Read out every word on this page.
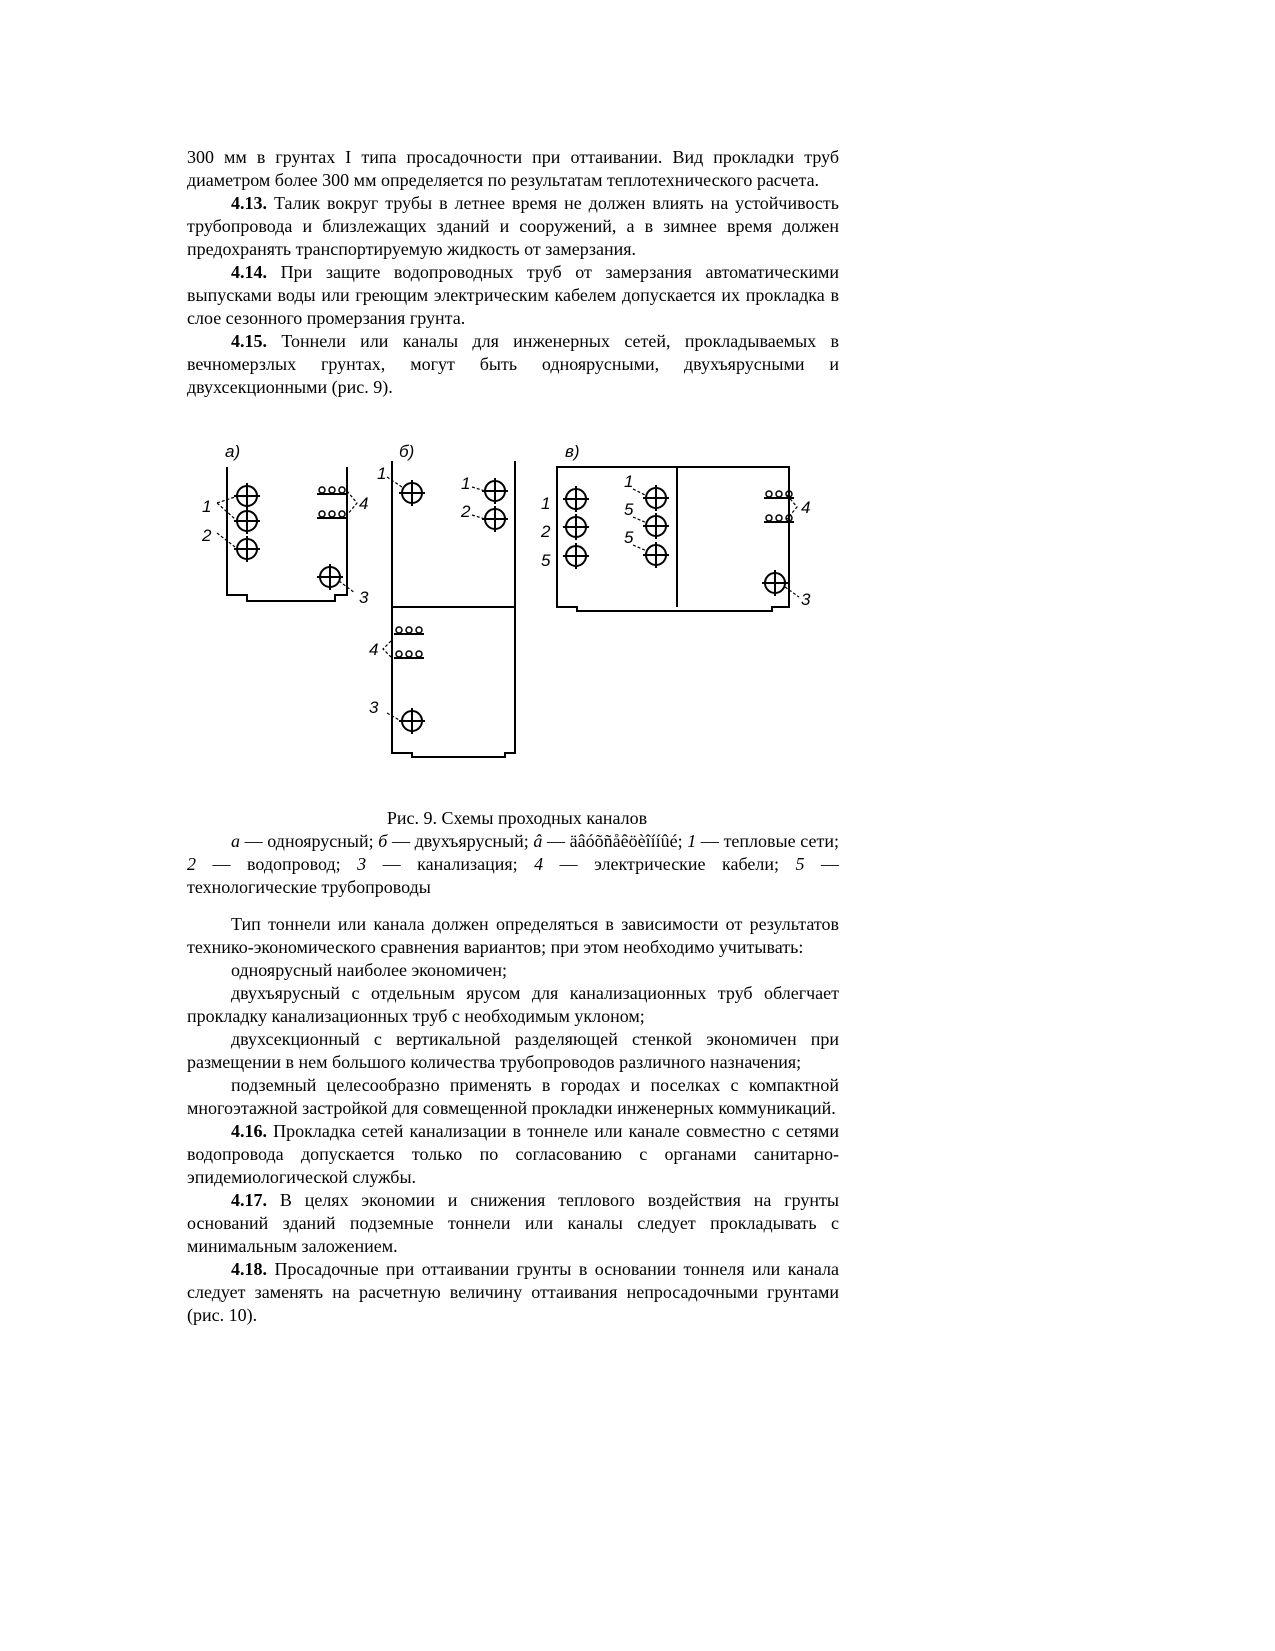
300 мм в грунтах I типа просадочности при оттаивании. Вид прокладки труб диаметром более 300 мм определяется по результатам теплотехнического расчета.

4.13. Талик вокруг трубы в летнее время не должен влиять на устойчивость трубопровода и близлежащих зданий и сооружений, а в зимнее время должен предохранять транспортируемую жидкость от замерзания.

4.14. При защите водопроводных труб от замерзания автоматическими выпусками воды или греющим электрическим кабелем допускается их прокладка в слое сезонного промерзания грунта.

4.15. Тоннели или каналы для инженерных сетей, прокладываемых в вечномерзлых грунтах, могут быть одноярусными, двухъярусными и двухсекционными (рис. 9).

а)
1
2
4
3
б)
1
1
2
4
3
в)
1
2
5
1
5
5
4
3

Рис. 9. Схемы проходных каналов

а — одноярусный; б — двухъярусный; â — äâóõñåêöèîííûé; 1 — тепловые сети; 2 — водопровод; 3 — канализация; 4 — электрические кабели; 5 — технологические трубопроводы

Тип тоннели или канала должен определяться в зависимости от результатов технико-экономического сравнения вариантов; при этом необходимо учитывать:

одноярусный наиболее экономичен;

двухъярусный с отдельным ярусом для канализационных труб облегчает прокладку канализационных труб с необходимым уклоном;

двухсекционный с вертикальной разделяющей стенкой экономичен при размещении в нем большого количества трубопроводов различного назначения;

подземный целесообразно применять в городах и поселках с компактной многоэтажной застройкой для совмещенной прокладки инженерных коммуникаций.

4.16. Прокладка сетей канализации в тоннеле или канале совместно с сетями водопровода допускается только по согласованию с органами санитарно-эпидемиологической службы.

4.17. В целях экономии и снижения теплового воздействия на грунты оснований зданий подземные тоннели или каналы следует прокладывать с минимальным заложением.

4.18. Просадочные при оттаивании грунты в основании тоннеля или канала следует заменять на расчетную величину оттаивания непросадочными грунтами (рис. 10).
